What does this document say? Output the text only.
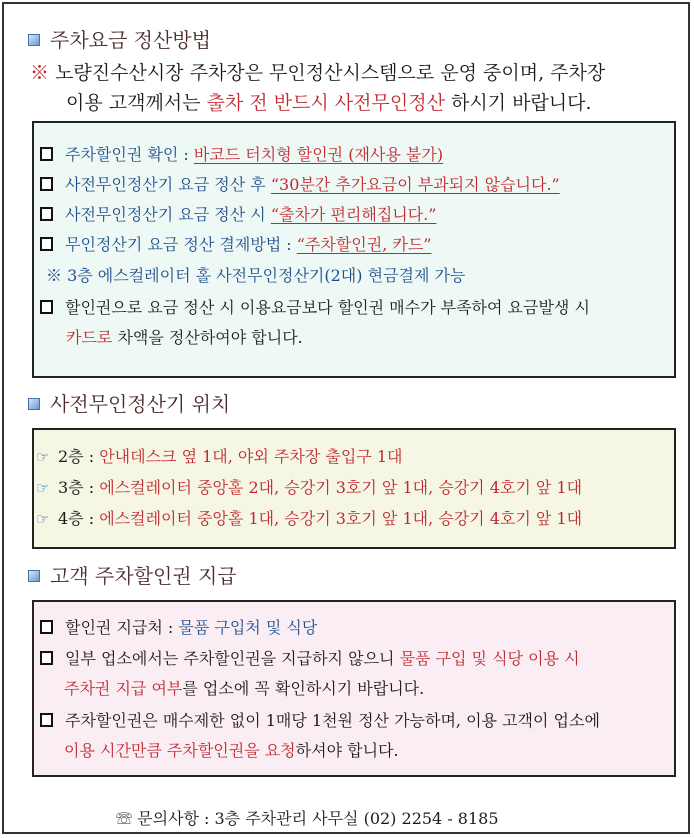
주차요금 정산방법
※ 노량진수산시장 주차장은 무인정산시스템으로 운영 중이며, 주차장
이용 고객께서는 출차 전 반드시 사전무인정산 하시기 바랍니다.
주차할인권 확인 : 바코드 터치형 할인권 (재사용 불가)
사전무인정산기 요금 정산 후 “30분간 추가요금이 부과되지 않습니다.”
사전무인정산기 요금 정산 시 “출차가 편리해집니다.”
무인정산기 요금 정산 결제방법 : “주차할인권, 카드”
※ 3층 에스컬레이터 홀 사전무인정산기(2대) 현금결제 가능
할인권으로 요금 정산 시 이용요금보다 할인권 매수가 부족하여 요금발생 시
카드로 차액을 정산하여야 합니다.
사전무인정산기 위치
☞ 2층 : 안내데스크 옆 1대, 야외 주차장 출입구 1대
☞ 3층 : 에스컬레이터 중앙홀 2대, 승강기 3호기 앞 1대, 승강기 4호기 앞 1대
☞ 4층 : 에스컬레이터 중앙홀 1대, 승강기 3호기 앞 1대, 승강기 4호기 앞 1대
고객 주차할인권 지급
할인권 지급처 : 물품 구입처 및 식당
일부 업소에서는 주차할인권을 지급하지 않으니 물품 구입 및 식당 이용 시
주차권 지급 여부를 업소에 꼭 확인하시기 바랍니다.
주차할인권은 매수제한 없이 1매당 1천원 정산 가능하며, 이용 고객이 업소에
이용 시간만큼 주차할인권을 요청하셔야 합니다.
☏ 문의사항 : 3층 주차관리 사무실 (02) 2254 - 8185
